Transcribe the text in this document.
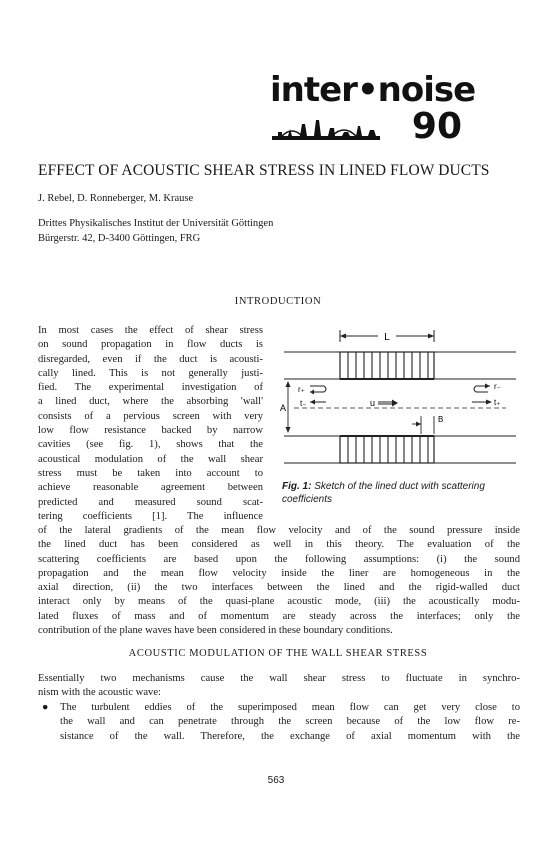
inter•noise
90
EFFECT OF ACOUSTIC SHEAR STRESS IN LINED FLOW DUCTS
J. Rebel, D. Ronneberger, M. Krause
Drittes Physikalisches Institut der Universität Göttingen
Bürgerstr. 42, D-3400 Göttingen, FRG
INTRODUCTION
In most cases the effect of shear stress
on sound propagation in flow ducts is
disregarded, even if the duct is acousti-
cally lined. This is not generally justi-
fied. The experimental investigation of
a lined duct, where the absorbing 'wall'
consists of a pervious screen with very
low flow resistance backed by narrow
cavities (see fig. 1), shows that the
acoustical modulation of the wall shear
stress must be taken into account to
achieve reasonable agreement between
predicted and measured sound scat-
tering coefficients [1]. The influence
L
A
B
r₊
t₋	u
r₋
t₊
Fig. 1: Sketch of the lined duct with scattering coefficients
of the lateral gradients of the mean flow velocity and of the sound pressure inside
the lined duct has been considered as well in this theory. The evaluation of the
scattering coefficients are based upon the following assumptions: (i) the sound
propagation and the mean flow velocity inside the liner are homogeneous in the
axial direction, (ii) the two interfaces between the lined and the rigid-walled duct
interact only by means of the quasi-plane acoustic mode, (iii) the acoustically modu-
lated fluxes of mass and of momentum are steady across the interfaces; only the
contribution of the plane waves have been considered in these boundary conditions.
ACOUSTIC MODULATION OF THE WALL SHEAR STRESS
Essentially two mechanisms cause the wall shear stress to fluctuate in synchro-
nism with the acoustic wave:
● The turbulent eddies of the superimposed mean flow can get very close to
the wall and can penetrate through the screen because of the low flow re-
sistance of the wall. Therefore, the exchange of axial momentum with the
563
